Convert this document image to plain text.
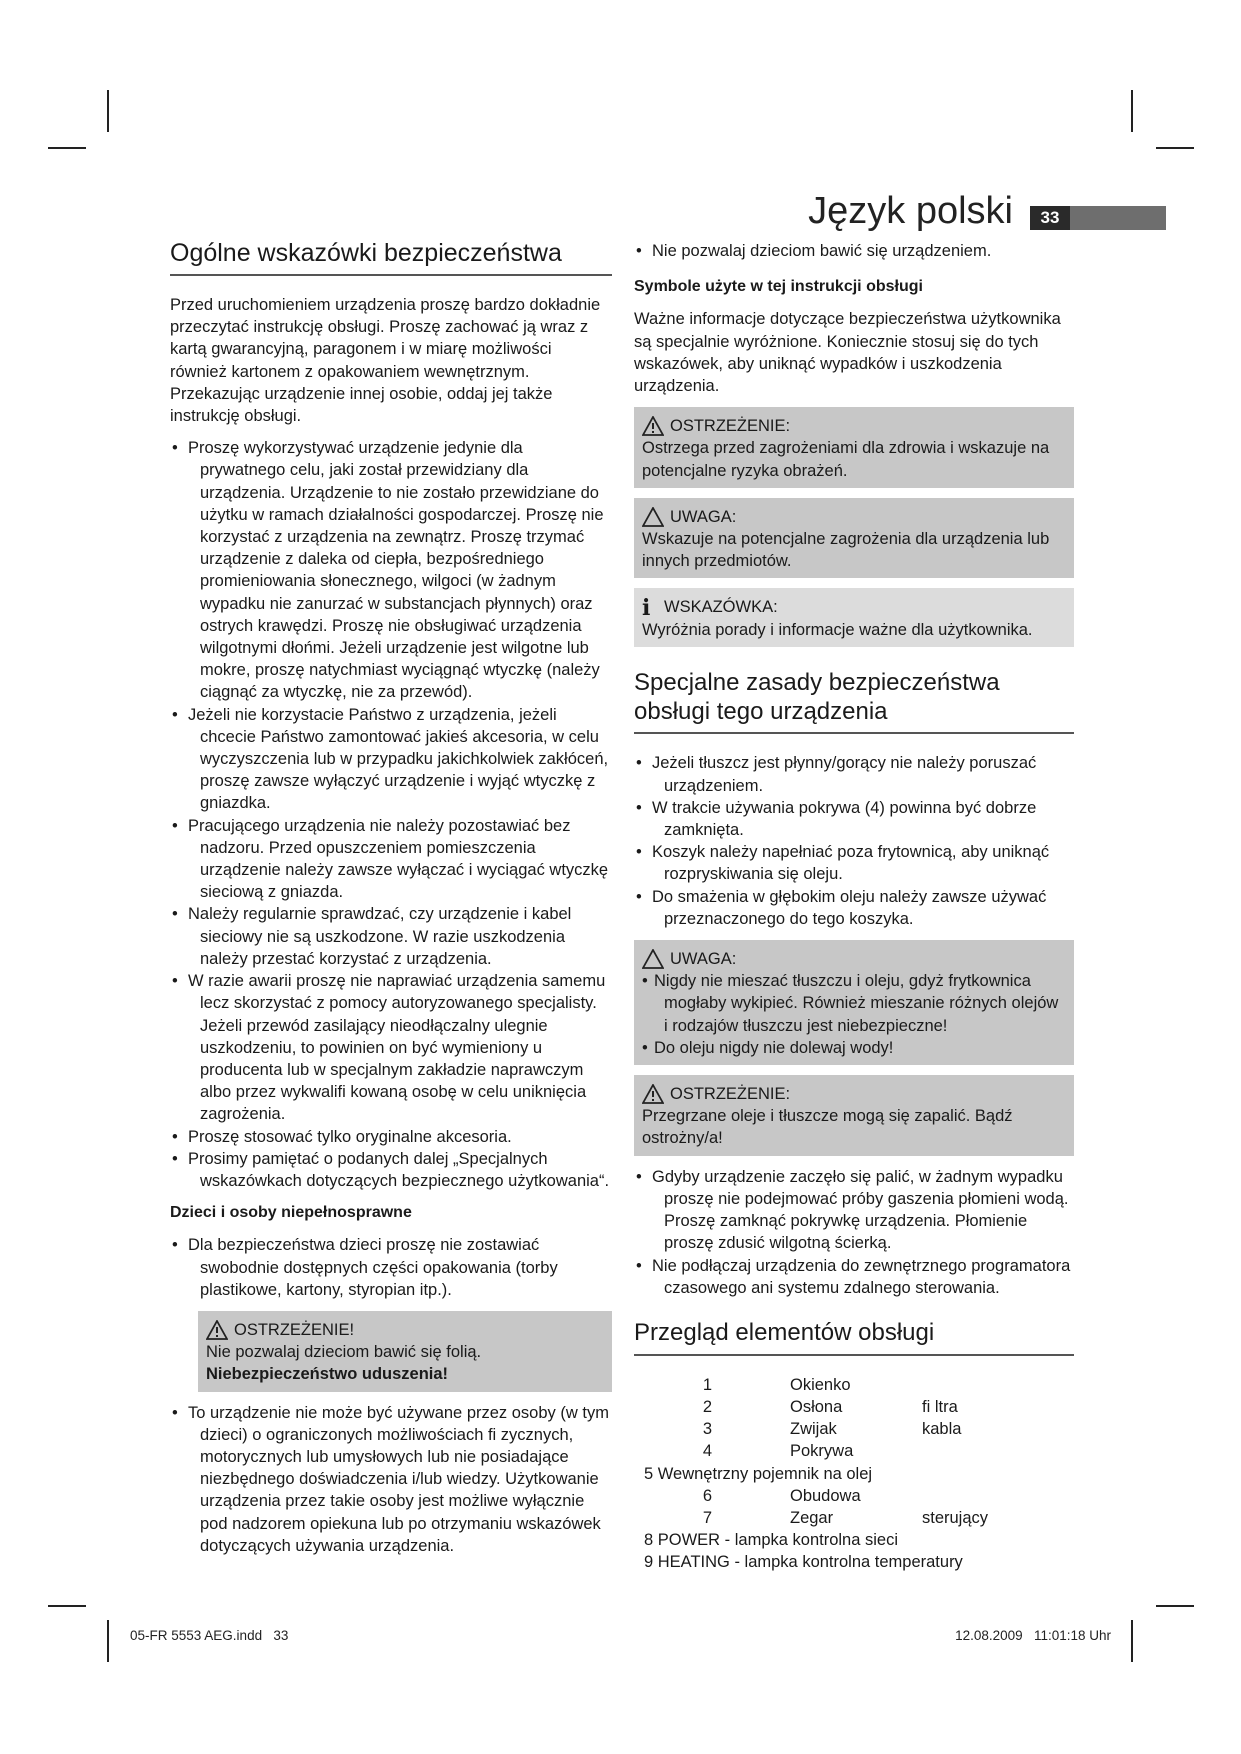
Język polski	33
Ogólne wskazówki bezpieczeństwa

Przed uruchomieniem urządzenia proszę bardzo dokładnie przeczytać instrukcję obsługi. Proszę zachować ją wraz z kartą gwarancyjną, paragonem i w miarę możliwości również kartonem z opakowaniem wewnętrznym. Przekazując urządzenie innej osobie, oddaj jej także instrukcję obsługi.

• Proszę wykorzystywać urządzenie jedynie dla prywatnego celu, jaki został przewidziany dla urządzenia. Urządzenie to nie zostało przewidziane do użytku w ramach działalności gospodarczej. Proszę nie korzystać z urządzenia na zewnątrz. Proszę trzymać urządzenie z daleka od ciepła, bezpośredniego promieniowania słonecznego, wilgoci (w żadnym wypadku nie zanurzać w substancjach płynnych) oraz ostrych krawędzi. Proszę nie obsługiwać urządzenia wilgotnymi dłońmi. Jeżeli urządzenie jest wilgotne lub mokre, proszę natychmiast wyciągnąć wtyczkę (należy ciągnąć za wtyczkę, nie za przewód).
• Jeżeli nie korzystacie Państwo z urządzenia, jeżeli chcecie Państwo zamontować jakieś akcesoria, w celu wyczyszczenia lub w przypadku jakichkolwiek zakłóceń, proszę zawsze wyłączyć urządzenie i wyjąć wtyczkę z gniazdka.
• Pracującego urządzenia nie należy pozostawiać bez nadzoru. Przed opuszczeniem pomieszczenia urządzenie należy zawsze wyłączać i wyciągać wtyczkę sieciową z gniazda.
• Należy regularnie sprawdzać, czy urządzenie i kabel sieciowy nie są uszkodzone. W razie uszkodzenia należy przestać korzystać z urządzenia.
• W razie awarii proszę nie naprawiać urządzenia samemu lecz skorzystać z pomocy autoryzowanego specjalisty. Jeżeli przewód zasilający nieodłączalny ulegnie uszkodzeniu, to powinien on być wymieniony u producenta lub w specjalnym zakładzie naprawczym albo przez wykwalifi kowaną osobę w celu uniknięcia zagrożenia.
• Proszę stosować tylko oryginalne akcesoria.
• Prosimy pamiętać o podanych dalej „Specjalnych wskazówkach dotyczących bezpiecznego użytkowania“.
Dzieci i osoby niepełnosprawne
• Dla bezpieczeństwa dzieci proszę nie zostawiać swobodnie dostępnych części opakowania (torby plastikowe, kartony, styropian itp.).
OSTRZEŻENIE!
Nie pozwalaj dzieciom bawić się folią.
Niebezpieczeństwo uduszenia!
• To urządzenie nie może być używane przez osoby (w tym dzieci) o ograniczonych możliwościach fi zycznych, motorycznych lub umysłowych lub nie posiadające niezbędnego doświadczenia i/lub wiedzy. Użytkowanie urządzenia przez takie osoby jest możliwe wyłącznie pod nadzorem opiekuna lub po otrzymaniu wskazówek dotyczących używania urządzenia.
• Nie pozwalaj dzieciom bawić się urządzeniem.
Symbole użyte w tej instrukcji obsługi

Ważne informacje dotyczące bezpieczeństwa użytkownika są specjalnie wyróżnione. Koniecznie stosuj się do tych wskazówek, aby uniknąć wypadków i uszkodzenia urządzenia.

OSTRZEŻENIE:
Ostrzega przed zagrożeniami dla zdrowia i wskazuje na potencjalne ryzyka obrażeń.
UWAGA:
Wskazuje na potencjalne zagrożenia dla urządzenia lub innych przedmiotów.
i WSKAZÓWKA:
Wyróżnia porady i informacje ważne dla użytkownika.
Specjalne zasady bezpieczeństwa obsługi tego urządzenia
• Jeżeli tłuszcz jest płynny/gorący nie należy poruszać urządzeniem.
• W trakcie używania pokrywa (4) powinna być dobrze zamknięta.
• Koszyk należy napełniać poza frytownicą, aby uniknąć rozpryskiwania się oleju.
• Do smażenia w głębokim oleju należy zawsze używać przeznaczonego do tego koszyka.
UWAGA:
• Nigdy nie mieszać tłuszczu i oleju, gdyż frytkownica mogłaby wykipieć. Również mieszanie różnych olejów i rodzajów tłuszczu jest niebezpieczne!
• Do oleju nigdy nie dolewaj wody!
OSTRZEŻENIE:
Przegrzane oleje i tłuszcze mogą się zapalić. Bądź ostrożny/a!
• Gdyby urządzenie zaczęło się palić, w żadnym wypadku proszę nie podejmować próby gaszenia płomieni wodą. Proszę zamknąć pokrywkę urządzenia. Płomienie proszę zdusić wilgotną ścierką.
• Nie podłączaj urządzenia do zewnętrznego programatora czasowego ani systemu zdalnego sterowania.
Przegląd elementów obsługi
1	Okienko	
2	Osłona	fi ltra
3	Zwijak	kabla
4	Pokrywa	
5 Wewnętrzny pojemnik na olej		
6	Obudowa	
7	Zegar	sterujący
8 POWER - lampka kontrolna sieci		
9 HEATING - lampka kontrolna temperatury		
05-FR 5553 AEG.indd   33	12.08.2009   11:01:18 Uhr
